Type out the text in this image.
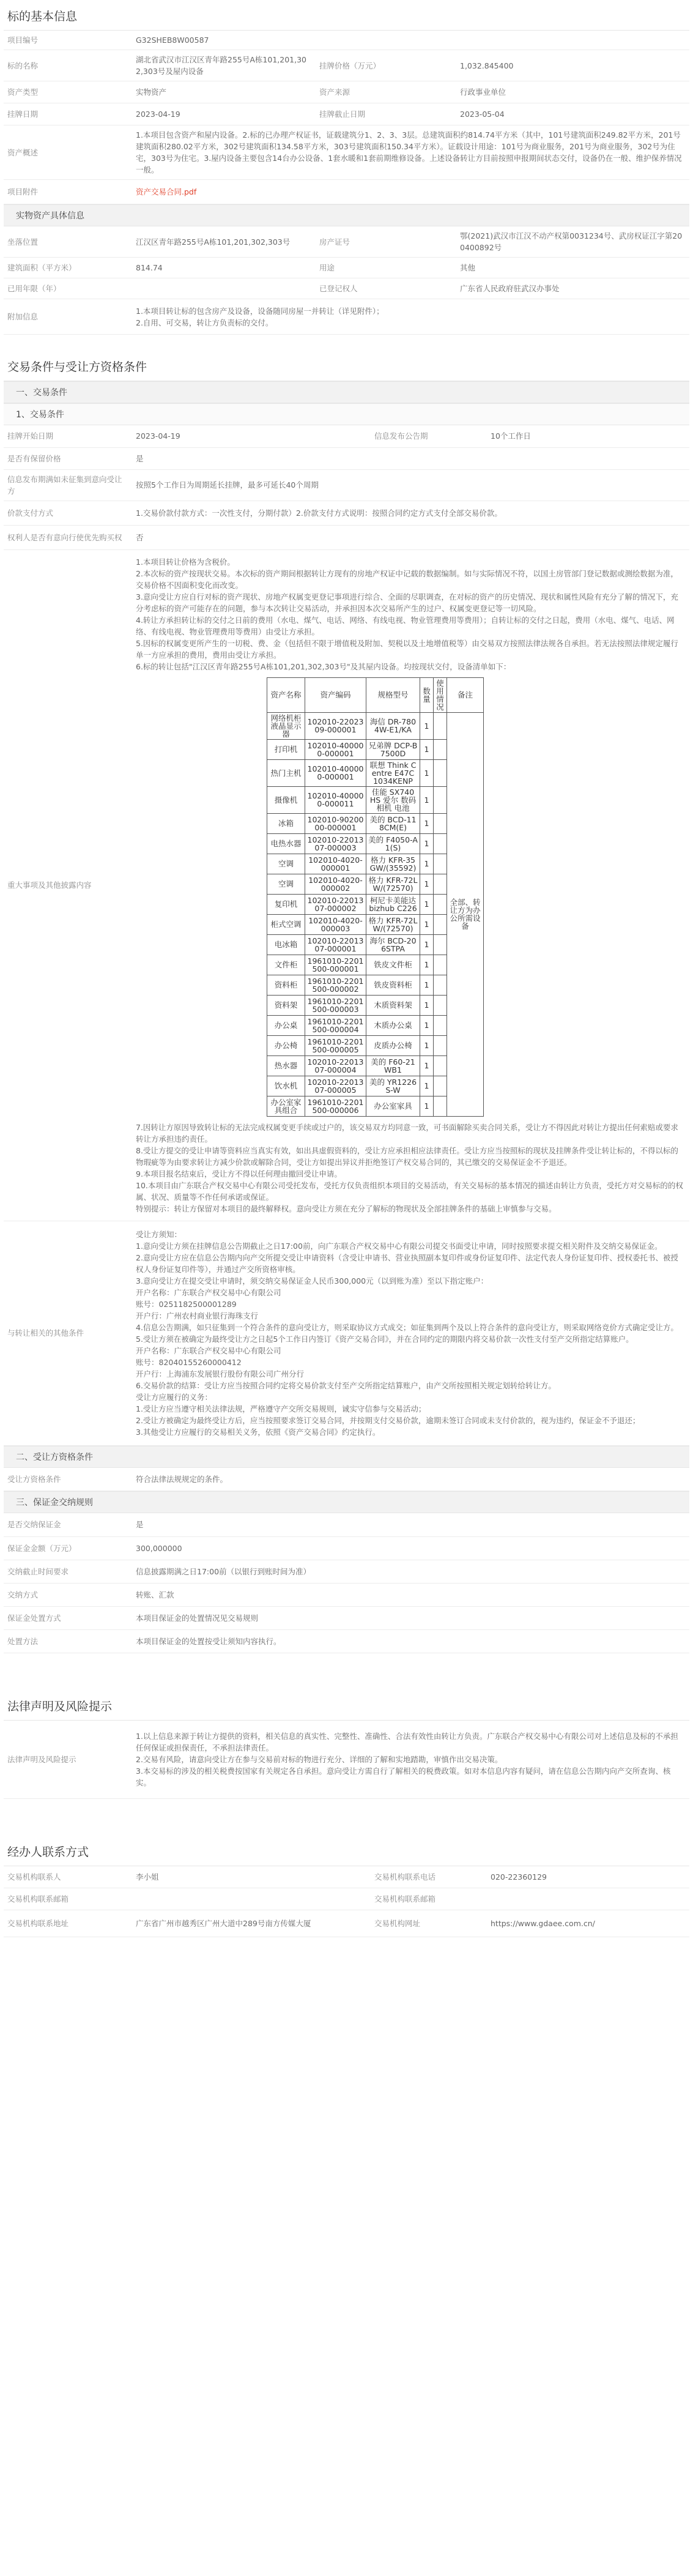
标的基本信息
项目编号	G32SHEB8W00587		
标的名称	湖北省武汉市江汉区青年路255号A栋101,201,302,303号及屋内设备	挂牌价格（万元）	1,032.845400
资产类型	实物资产	资产来源	行政事业单位
挂牌日期	2023-04-19	挂牌截止日期	2023-05-04
资产概述	1.本项目包含资产和屋内设备。2.标的已办理产权证书，证载建筑分1、2、3、3层。总建筑面积约814.74平方米（其中，101号建筑面积249.82平方米，201号建筑面积280.02平方米，302号建筑面积134.58平方米，303号建筑面积150.34平方米）。证载设计用途：101号为商业服务，201号为商业服务，302号为住宅，303号为住宅。3.屋内设备主要包含14台办公设备、1套水暖和1套前期维修设备。上述设备转让方目前按照申报期间状态交付，设备仍在一般、维护保养情况一般。		
项目附件	资产交易合同.pdf		
实物资产具体信息
坐落位置	江汉区青年路255号A栋101,201,302,303号	房产证号	鄂(2021)武汉市江汉不动产权第0031234号、武房权证江字第200400892号
建筑面积（平方米）	814.74	用途	其他
已用年限（年）		已登记权人	广东省人民政府驻武汉办事处
附加信息	1.本项目转让标的包含房产及设备，设备随同房屋一并转让（详见附件）；
2.自用、可交易，转让方负责标的交付。		
交易条件与受让方资格条件
一、交易条件
1、交易条件
挂牌开始日期	2023-04-19	信息发布公告期	10个工作日
是否有保留价格	是
信息发布期满如未征集到意向受让方	按照5个工作日为周期延长挂牌，最多可延长40个周期
价款支付方式	1.交易价款付款方式：一次性支付，分期付款）2.价款支付方式说明：按照合同约定方式支付全部交易价款。
权利人是否有意向行使优先购买权	否
重大事项及其他披露内容	
1.本项目转让价格为含税价。
2.本次标的资产按现状交易。本次标的资产期间根据转让方现有的房地产权证中记载的数据编制。如与实际情况不符，以国土房管部门登记数据或测绘数据为准，交易价格不因面积变化而改变。
3.意向受让方应自行对标的资产现状、房地产权属变更登记事项进行综合、全面的尽职调查，在对标的资产的历史情况、现状和属性风险有充分了解的情况下，充分考虑标的资产可能存在的问题，参与本次转让交易活动，并承担因本次交易所产生的过户、权属变更登记等一切风险。
4.转让方承担转让标的交付之日前的费用（水电、煤气、电话、网络、有线电视、物业管理费用等费用）；自转让标的交付之日起，费用（水电、煤气、电话、网络、有线电视、物业管理费用等费用）由受让方承担。
5.因标的权属变更所产生的一切税、费、金（包括但不限于增值税及附加、契税以及土地增值税等）由交易双方按照法律法规各自承担。若无法按照法律规定履行单一方应承担的费用，费用由受让方承担。
6.标的转让包括"江汉区青年路255号A栋101,201,302,303号"及其屋内设备。均按现状交付，设备清单如下：
资产名称	资产编码	规格型号	数量	使用情况	备注
网络机柜液晶显示器	102010-2202309-000001	海信 DR-7804W-E1/KA	1		全部、转让方为办公所需设备
打印机	102010-400000-000001	兄弟牌 DCP-B7500D	1	
热门主机	102010-400000-000001	联想 Think Centre E47C 1034KENP	1	
摄像机	102010-400000-000011	佳能 SX740 HS 爱尔 数码相机 电池	1	
冰箱	102010-9020000-000001	美的 BCD-118CM(E)	1	
电热水器	102010-2201307-000003	美的 F4050-A1(S)	1	
空调	102010-4020-000001	格力 KFR-35GW/(35592)	1	
空调	102010-4020-000002	格力 KFR-72LW/(72570)	1	
复印机	102010-2201307-000002	柯尼卡美能达 bizhub C226	1	
柜式空调	102010-4020-000003	格力 KFR-72LW/(72570)	1	
电冰箱	102010-2201307-000001	海尔 BCD-206STPA	1	
文件柜	1961010-2201500-000001	铁皮文件柜	1	
资料柜	1961010-2201500-000002	铁皮资料柜	1	
资料架	1961010-2201500-000003	木质资料架	1	
办公桌	1961010-2201500-000004	木质办公桌	1	
办公椅	1961010-2201500-000005	皮质办公椅	1	
热水器	102010-2201307-000004	美的 F60-21WB1	1	
饮水机	102010-2201307-000005	美的 YR1226S-W	1	
办公室家具组合	1961010-2201500-000006	办公室家具	1	
7.因转让方原因导致转让标的无法完成权属变更手续或过户的，该交易双方均同意一致，可书面解除买卖合同关系，受让方不得因此对转让方提出任何索赔或要求转让方承担违约责任。
8.受让方提交的受让申请等资料应当真实有效，如出具虚假资料的，受让方应承担相应法律责任。受让方应当按照标的现状及挂牌条件受让转让标的，不得以标的物瑕疵等为由要求转让方减少价款或解除合同，受让方如提出异议并拒绝签订产权交易合同的，其已缴交的交易保证金不予退还。
9.本项目报名结束后，受让方不得以任何理由撤回受让申请。
10.本项目由广东联合产权交易中心有限公司受托发布，受托方仅负责组织本项目的交易活动，有关交易标的基本情况的描述由转让方负责，受托方对交易标的的权属、状况、质量等不作任何承诺或保证。
特别提示：转让方保留对本项目的最终解释权。意向受让方须在充分了解标的物现状及全部挂牌条件的基础上审慎参与交易。

与转让相关的其他条件	
受让方须知：
1.意向受让方须在挂牌信息公告期截止之日17:00前，向广东联合产权交易中心有限公司提交书面受让申请，同时按照要求提交相关附件及交纳交易保证金。
2.意向受让方应在信息公告期内向产交所提交受让申请资料（含受让申请书、营业执照副本复印件或身份证复印件、法定代表人身份证复印件、授权委托书、被授权人身份证复印件等），并通过产交所资格审核。
3.意向受让方在提交受让申请时，须交纳交易保证金人民币300,000元（以到账为准）至以下指定账户：
开户名称：广东联合产权交易中心有限公司
账号：0251182500001289
开户行：广州农村商业银行海珠支行
4.信息公告期满，如只征集到一个符合条件的意向受让方，则采取协议方式成交；如征集到两个及以上符合条件的意向受让方，则采取网络竞价方式确定受让方。
5.受让方须在被确定为最终受让方之日起5个工作日内签订《资产交易合同》，并在合同约定的期限内将交易价款一次性支付至产交所指定结算账户。
开户名称：广东联合产权交易中心有限公司
账号：82040155260000412
开户行：上海浦东发展银行股份有限公司广州分行
6.交易价款的结算：受让方应当按照合同约定将交易价款支付至产交所指定结算账户，由产交所按照相关规定划转给转让方。
受让方应履行的义务：
1.受让方应当遵守相关法律法规，严格遵守产交所交易规则，诚实守信参与交易活动；
2.受让方被确定为最终受让方后，应当按照要求签订交易合同，并按期支付交易价款，逾期未签订合同或未支付价款的，视为违约，保证金不予退还；
3.其他受让方应履行的交易相关义务，依照《资产交易合同》约定执行。
二、受让方资格条件
受让方资格条件	符合法律法规规定的条件。
三、保证金交纳规则
是否交纳保证金	是
保证金金额（万元）	300,000000
交纳截止时间要求	信息披露期满之日17:00前（以银行到账时间为准）
交纳方式	转账、汇款
保证金处置方式	本项目保证金的处置情况见交易规则
处置方法	本项目保证金的处置按受让须知内容执行。
法律声明及风险提示
法律声明及风险提示	
1.以上信息来源于转让方提供的资料，相关信息的真实性、完整性、准确性、合法有效性由转让方负责。广东联合产权交易中心有限公司对上述信息及标的不承担任何保证或担保责任，不承担法律责任。
2.交易有风险，请意向受让方在参与交易前对标的物进行充分、详细的了解和实地踏勘，审慎作出交易决策。
3.本交易标的涉及的相关税费按国家有关规定各自承担。意向受让方需自行了解相关的税费政策。如对本信息内容有疑问，请在信息公告期内向产交所查询、核实。
经办人联系方式
交易机构联系人	李小姐	交易机构联系电话	020-22360129
交易机构联系邮箱		交易机构联系邮箱	
交易机构联系地址	广东省广州市越秀区广州大道中289号南方传媒大厦	交易机构网址	https://www.gdaee.com.cn/
